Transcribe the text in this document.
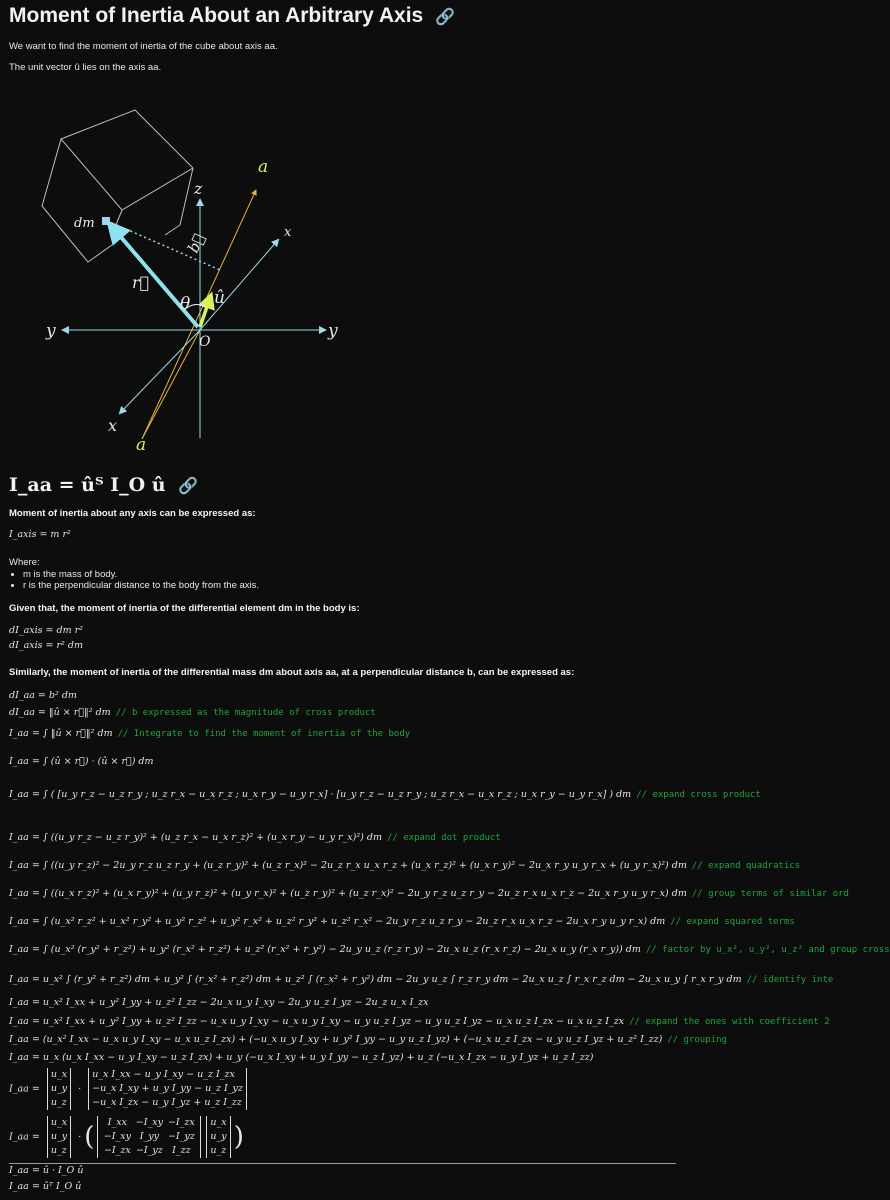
Moment of Inertia About an Arbitrary Axis 🔗
We want to find the moment of inertia of the cube about axis aa.
The unit vector û lies on the axis aa.
dm
a
a
z
y	y
x
x
b⃗
r⃗
û
θ
O
I_aa = ûᵀ I_O û 🔗
Moment of inertia about any axis can be expressed as:
I_axis = m r²
Where:
• m is the mass of body.
• r is the perpendicular distance to the body from the axis.
Given that, the moment of inertia of the differential element dm in the body is:
dI_axis = dm r²
dI_axis = r² dm
Similarly, the moment of inertia of the differential mass dm about axis aa, at a perpendicular distance b, can be expressed as:
dI_aa = b² dm
dI_aa = ‖û × r⃗‖² dm // b expressed as the magnitude of cross product
I_aa = ∫ ‖û × r⃗‖² dm // Integrate to find the moment of inertia of the body
I_aa = ∫ (û × r⃗) · (û × r⃗) dm
I_aa = ∫ ( [u_y r_z − u_z r_y ; u_z r_x − u_x r_z ; u_x r_y − u_y r_x] · [u_y r_z − u_z r_y ; u_z r_x − u_x r_z ; u_x r_y − u_y r_x] ) dm // expand cross product
I_aa = ∫ ((u_y r_z − u_z r_y)² + (u_z r_x − u_x r_z)² + (u_x r_y − u_y r_x)²) dm // expand dot product
I_aa = ∫ ((u_y r_z)² − 2u_y r_z u_z r_y + (u_z r_y)² + (u_z r_x)² − 2u_z r_x u_x r_z + (u_x r_z)² + (u_x r_y)² − 2u_x r_y u_y r_x + (u_y r_x)²) dm // expand quadratics
I_aa = ∫ ((u_x r_z)² + (u_x r_y)² + (u_y r_z)² + (u_y r_x)² + (u_z r_y)² + (u_z r_x)² − 2u_y r_z u_z r_y − 2u_z r_x u_x r_z − 2u_x r_y u_y r_x) dm // group terms of similar ord
I_aa = ∫ (u_x² r_z² + u_x² r_y² + u_y² r_z² + u_y² r_x² + u_z² r_y² + u_z² r_x² − 2u_y r_z u_z r_y − 2u_z r_x u_x r_z − 2u_x r_y u_y r_x) dm // expand squared terms
I_aa = ∫ (u_x² (r_y² + r_z²) + u_y² (r_x² + r_z²) + u_z² (r_x² + r_y²) − 2u_y u_z (r_z r_y) − 2u_x u_z (r_x r_z) − 2u_x u_y (r_x r_y)) dm // factor by u_x², u_y², u_z² and group cross
I_aa = u_x² ∫ (r_y² + r_z²) dm + u_y² ∫ (r_x² + r_z²) dm + u_z² ∫ (r_x² + r_y²) dm − 2u_y u_z ∫ r_z r_y dm − 2u_x u_z ∫ r_x r_z dm − 2u_x u_y ∫ r_x r_y dm // identify inte
I_aa = u_x² I_xx + u_y² I_yy + u_z² I_zz − 2u_x u_y I_xy − 2u_y u_z I_yz − 2u_z u_x I_zx
I_aa = u_x² I_xx + u_y² I_yy + u_z² I_zz − u_x u_y I_xy − u_x u_y I_xy − u_y u_z I_yz − u_y u_z I_yz − u_x u_z I_zx − u_x u_z I_zx // expand the ones with coefficient 2
I_aa = (u_x² I_xx − u_x u_y I_xy − u_x u_z I_zx) + (−u_x u_y I_xy + u_y² I_yy − u_y u_z I_yz) + (−u_x u_z I_zx − u_y u_z I_yz + u_z² I_zz) // grouping
I_aa = u_x (u_x I_xx − u_y I_xy − u_z I_zx) + u_y (−u_x I_xy + u_y I_yy − u_z I_yz) + u_z (−u_x I_zx − u_y I_yz + u_z I_zz)
I_aa =
u_x
u_y
u_z
·
u_x I_xx − u_y I_xy − u_z I_zx
−u_x I_xy + u_y I_yy − u_z I_yz
−u_x I_zx − u_y I_yz + u_z I_zz
I_aa =
u_x
u_y
u_z
· (	I_xx −I_xy −I_zx
−I_xy I_yy −I_yz
−I_zx −I_yz I_zz

u_x
u_y
u_z )
I_aa = û · I_O û
I_aa = ûᵀ I_O û
